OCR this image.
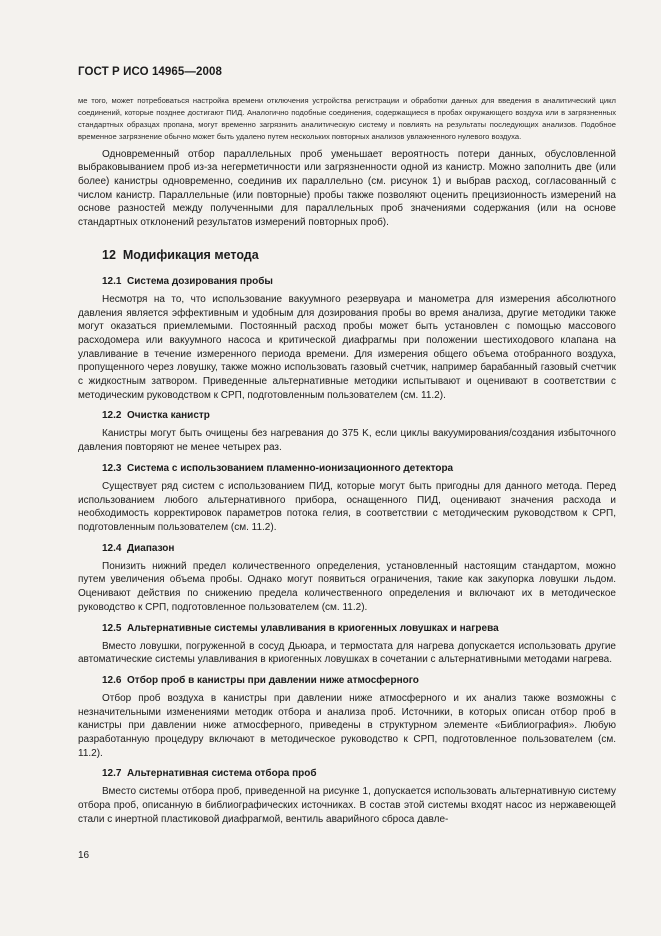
ГОСТ Р ИСО 14965—2008

ме того, может потребоваться настройка времени отключения устройства регистрации и обработки данных для введения в аналитический цикл соединений, которые позднее достигают ПИД. Аналогично подобные соединения, содержащиеся в пробах окружающего воздуха или в загрязненных стандартных образцах пропана, могут временно загрязнить аналитическую систему и повлиять на результаты последующих анализов. Подобное временное загрязнение обычно может быть удалено путем нескольких повторных анализов увлажненного нулевого воздуха.

Одновременный отбор параллельных проб уменьшает вероятность потери данных, обусловленной выбраковыванием проб из-за негерметичности или загрязненности одной из канистр. Можно заполнить две (или более) канистры одновременно, соединив их параллельно (см. рисунок 1) и выбрав расход, согласованный с числом канистр. Параллельные (или повторные) пробы также позволяют оценить прецизионность измерений на основе разностей между полученными для параллельных проб значениями содержания (или на основе стандартных отклонений результатов измерений повторных проб).

12 Модификация метода
12.1 Система дозирования пробы

Несмотря на то, что использование вакуумного резервуара и манометра для измерения абсолютного давления является эффективным и удобным для дозирования пробы во время анализа, другие методики также могут оказаться приемлемыми. Постоянный расход пробы может быть установлен с помощью массового расходомера или вакуумного насоса и критической диафрагмы при положении шестиходового клапана на улавливание в течение измеренного периода времени. Для измерения общего объема отобранного воздуха, пропущенного через ловушку, также можно использовать газовый счетчик, например барабанный газовый счетчик с жидкостным затвором. Приведенные альтернативные методики испытывают и оценивают в соответствии с методическим руководством к СРП, подготовленным пользователем (см. 11.2).

12.2 Очистка канистр

Канистры могут быть очищены без нагревания до 375 K, если циклы вакуумирования/создания избыточного давления повторяют не менее четырех раз.

12.3 Система с использованием пламенно-ионизационного детектора

Существует ряд систем с использованием ПИД, которые могут быть пригодны для данного метода. Перед использованием любого альтернативного прибора, оснащенного ПИД, оценивают значения расхода и необходимость корректировок параметров потока гелия, в соответствии с методическим руководством к СРП, подготовленным пользователем (см. 11.2).

12.4 Диапазон

Понизить нижний предел количественного определения, установленный настоящим стандартом, можно путем увеличения объема пробы. Однако могут появиться ограничения, такие как закупорка ловушки льдом. Оценивают действия по снижению предела количественного определения и включают их в методическое руководство к СРП, подготовленное пользователем (см. 11.2).

12.5 Альтернативные системы улавливания в криогенных ловушках и нагрева

Вместо ловушки, погруженной в сосуд Дьюара, и термостата для нагрева допускается использовать другие автоматические системы улавливания в криогенных ловушках в сочетании с альтернативными методами нагрева.

12.6 Отбор проб в канистры при давлении ниже атмосферного

Отбор проб воздуха в канистры при давлении ниже атмосферного и их анализ также возможны с незначительными изменениями методик отбора и анализа проб. Источники, в которых описан отбор проб в канистры при давлении ниже атмосферного, приведены в структурном элементе «Библиография». Любую разработанную процедуру включают в методическое руководство к СРП, подготовленное пользователем (см. 11.2).

12.7 Альтернативная система отбора проб

Вместо системы отбора проб, приведенной на рисунке 1, допускается использовать альтернативную систему отбора проб, описанную в библиографических источниках. В состав этой системы входят насос из нержавеющей стали с инертной пластиковой диафрагмой, вентиль аварийного сброса давле-

16
